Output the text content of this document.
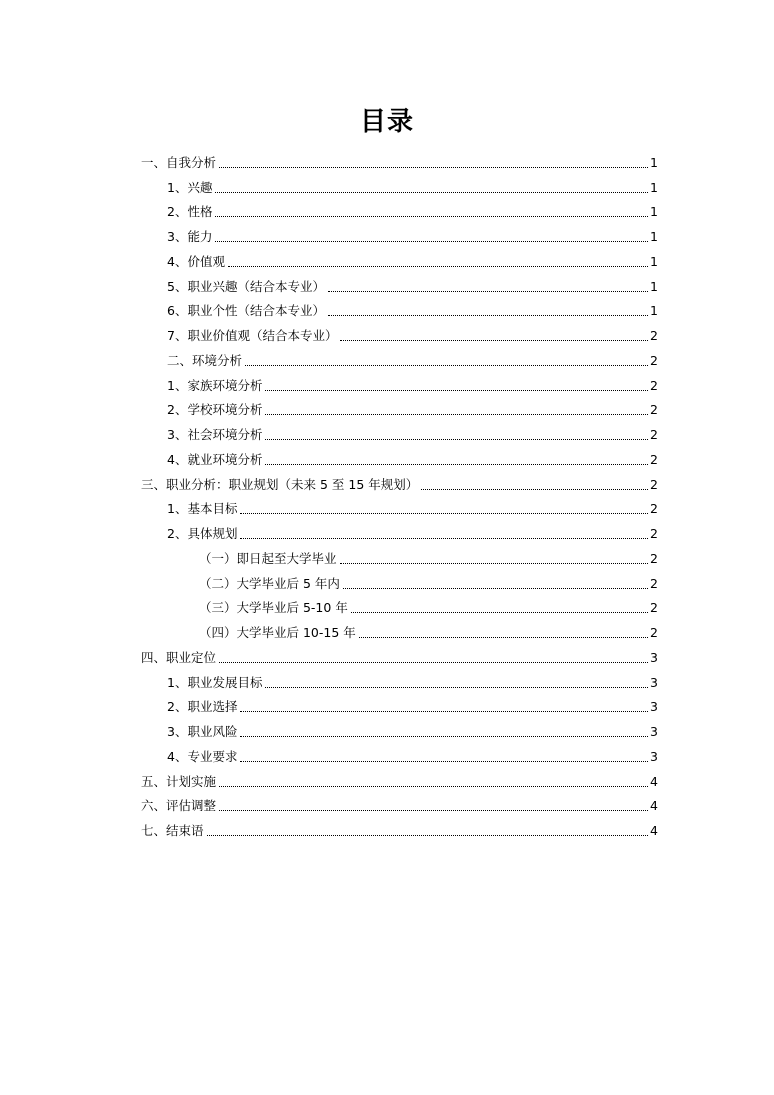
目录
一、自我分析	1
1、兴趣	1
2、性格	1
3、能力	1
4、价值观	1
5、职业兴趣（结合本专业）	1
6、职业个性（结合本专业）	1
7、职业价值观（结合本专业）	2
二、环境分析	2
1、家族环境分析	2
2、学校环境分析	2
3、社会环境分析	2
4、就业环境分析	2
三、职业分析：职业规划（未来 5 至 15 年规划）	2
1、基本目标	2
2、具体规划	2
（一）即日起至大学毕业	2
（二）大学毕业后 5 年内	2
（三）大学毕业后 5-10 年	2
（四）大学毕业后 10-15 年	2
四、职业定位	3
1、职业发展目标	3
2、职业选择	3
3、职业风险	3
4、专业要求	3
五、计划实施	4
六、评估调整	4
七、结束语	4
